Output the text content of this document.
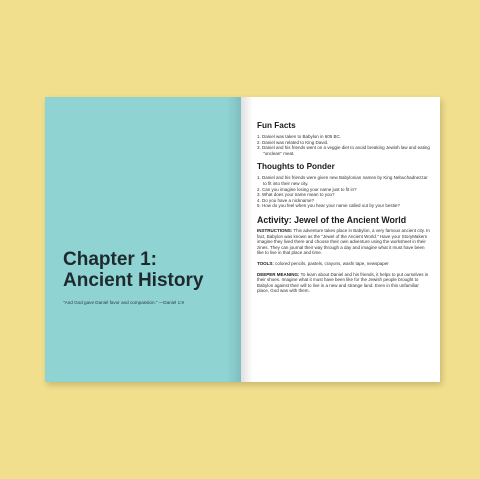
Chapter 1:
Ancient History
"And God gave Daniel favor and compassion." —Daniel 1:9
Fun Facts
1. Daniel was taken to Babylon in 605 BC.
2. Daniel was related to King David.
3. Daniel and his friends went on a veggie diet to avoid breaking Jewish law and eating "unclean" meat.
Thoughts to Ponder
1. Daniel and his friends were given new Babylonian names by King Nebuchadnezzar to fit into their new city.
2. Can you imagine losing your name just to fit in?
3. What does your name mean to you?
4. Do you have a nickname?
5. How do you feel when you hear your name called out by your bestie?
Activity: Jewel of the Ancient World

INSTRUCTIONS: This adventure takes place in Babylon, a very famous ancient city. In fact, Babylon was known as the "Jewel of the Ancient World." Have your StoryMakers imagine they lived there and choose their own adventure using the worksheet in their zines. They can journal their way through a day and imagine what it must have been like to live in that place and time.

TOOLS: colored pencils, pastels, crayons, washi tape, newspaper

DEEPER MEANING: To learn about Daniel and his friends, it helps to put ourselves in their shoes. Imagine what it must have been like for the Jewish people brought to Babylon against their will to live in a new and strange land. Even in this unfamiliar place, God was with them.
